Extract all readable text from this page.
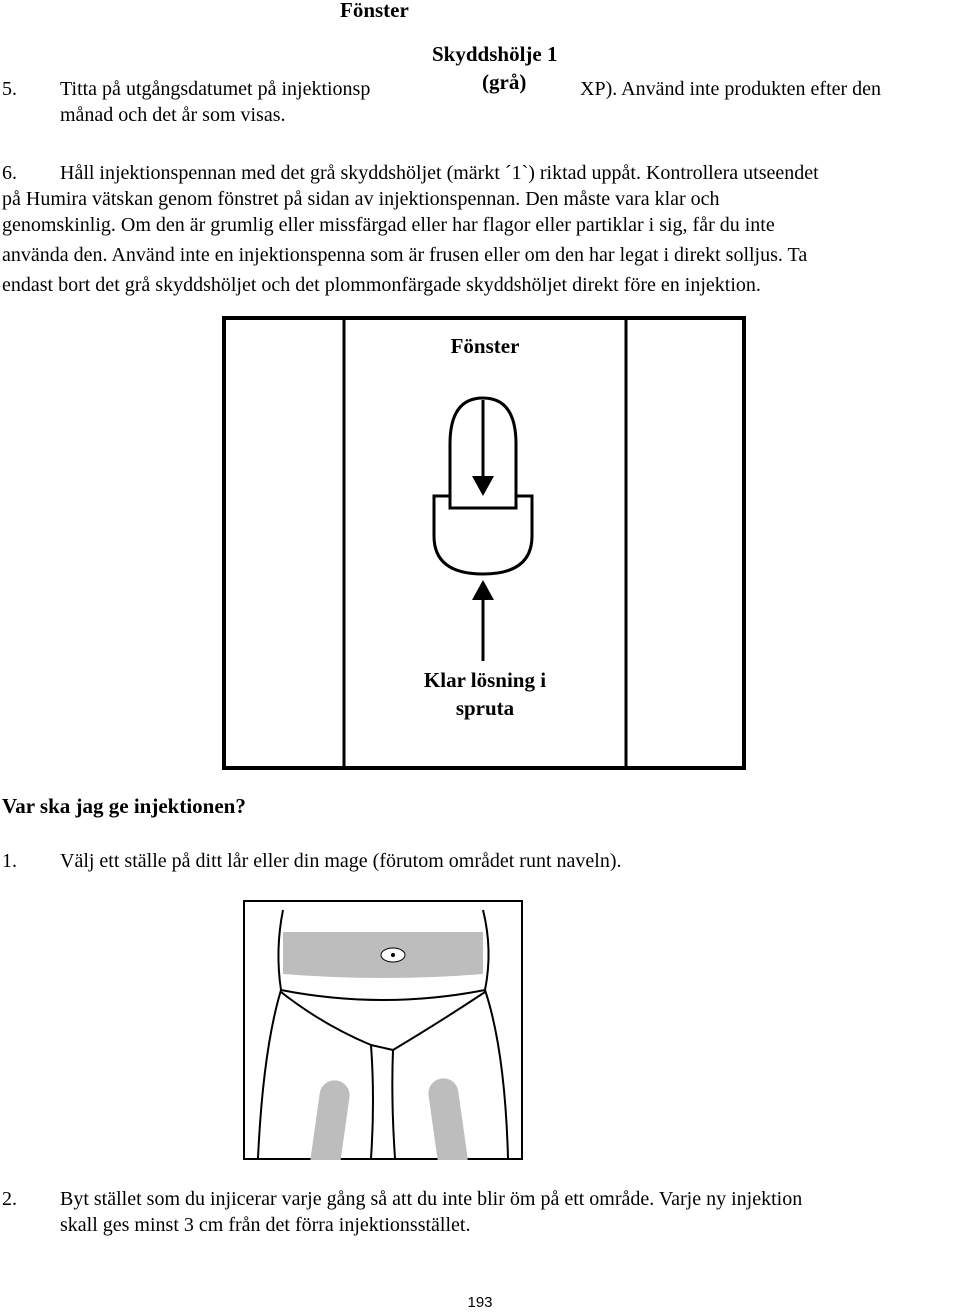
Fönster
Skyddshölje 1
(grå)
5. Titta på utgångsdatumet på injektionsp	XP). Använd inte produkten efter den
månad och det år som visas.
6. Håll injektionspennan med det grå skyddshöljet (märkt ´1`) riktad uppåt. Kontrollera utseendet
på Humira vätskan genom fönstret på sidan av injektionspennan. Den måste vara klar och
genomskinlig. Om den är grumlig eller missfärgad eller har flagor eller partiklar i sig, får du inte
använda den. Använd inte en injektionspenna som är frusen eller om den har legat i direkt solljus. Ta
endast bort det grå skyddshöljet och det plommonfärgade skyddshöljet direkt före en injektion.
Fönster
Klar lösning i
spruta
Var ska jag ge injektionen?
1. Välj ett ställe på ditt lår eller din mage (förutom området runt naveln).
2. Byt stället som du injicerar varje gång så att du inte blir öm på ett område. Varje ny injektion
skall ges minst 3 cm från det förra injektionsstället.
193
